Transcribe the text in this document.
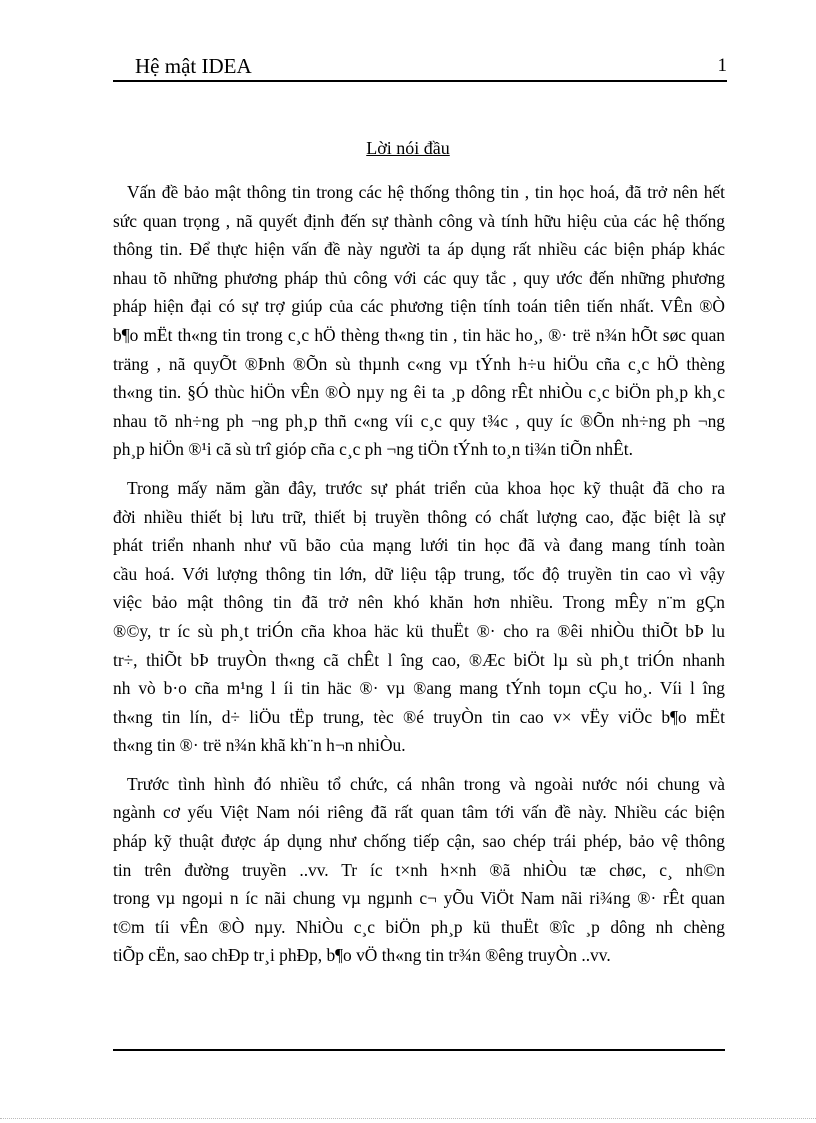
Hệ mật IDEA	1
Lời nói đầu

Vấn đề bảo mật thông tin trong các hệ thống thông tin , tin học hoá, đã trở nên hết
sức quan trọng , nã quyết định đến sự thành công và tính hữu hiệu của các hệ thống
thông tin. Để thực hiện vấn đề này người ta áp dụng rất nhiều các biện pháp khác
nhau tõ những phương pháp thủ công với các quy tắc , quy ước đến những phương
pháp hiện đại có sự trợ giúp của các phương tiện tính toán tiên tiến nhất. VÊn ®Ò
b¶o mËt th«ng tin trong c¸c hÖ thèng th«ng tin , tin häc ho¸, ®· trë n¾n hÕt søc quan
träng , nã quyÕt ®Þnh ®Õn sù thµnh c«ng vµ tÝnh h÷u hiÖu cña c¸c hÖ thèng
th«ng tin. §Ó thùc hiÖn vÊn ®Ò nµy ng êi ta ¸p dông rÊt nhiÒu c¸c biÖn ph¸p kh¸c
nhau tõ nh÷ng ph ¬ng ph¸p thñ c«ng víi c¸c quy t¾c , quy íc ®Õn nh÷ng ph ¬ng
ph¸p hiÖn ®¹i cã sù trî gióp cña c¸c ph ¬ng tiÖn tÝnh to¸n ti¾n tiÕn nhÊt.

Trong mấy năm gần đây, trước sự phát triển của khoa học kỹ thuật đã cho ra
đời nhiều thiết bị lưu trữ, thiết bị truyền thông có chất lượng cao, đặc biệt là sự
phát triển nhanh như vũ bão của mạng lưới tin học đã và đang mang tính toàn
cầu hoá. Với lượng thông tin lớn, dữ liệu tập trung, tốc độ truyền tin cao vì vậy
việc bảo mật thông tin đã trở nên khó khăn hơn nhiều. Trong mÊy n¨m gÇn
®©y, tr íc sù ph¸t triÓn cña khoa häc kü thuËt ®· cho ra ®êi nhiÒu thiÕt bÞ lu
tr÷, thiÕt bÞ truyÒn th«ng cã chÊt l îng cao, ®Æc biÖt lµ sù ph¸t triÓn nhanh
nh vò b·o cña m¹ng l íi tin häc ®· vµ ®ang mang tÝnh toµn cÇu ho¸. Víi l îng
th«ng tin lín, d÷ liÖu tËp trung, tèc ®é truyÒn tin cao v× vËy viÖc b¶o mËt
th«ng tin ®· trë n¾n khã kh¨n h¬n nhiÒu.

Trước tình hình đó nhiều tổ chức, cá nhân trong và ngoài nước nói chung và
ngành cơ yếu Việt Nam nói riêng đã rất quan tâm tới vấn đề này. Nhiều các biện
pháp kỹ thuật được áp dụng như chống tiếp cận, sao chép trái phép, bảo vệ thông
tin trên đường truyền ..vv. Tr íc t×nh h×nh ®ã nhiÒu tæ chøc, c¸ nh©n
trong vµ ngoµi n íc nãi chung vµ ngµnh c¬ yÕu ViÖt Nam nãi ri¾ng ®· rÊt quan
t©m tíi vÊn ®Ò nµy. NhiÒu c¸c biÖn ph¸p kü thuËt ®îc ¸p dông nh chèng
tiÕp cËn, sao chÐp tr¸i phÐp, b¶o vÖ th«ng tin tr¾n ®êng truyÒn ..vv.
